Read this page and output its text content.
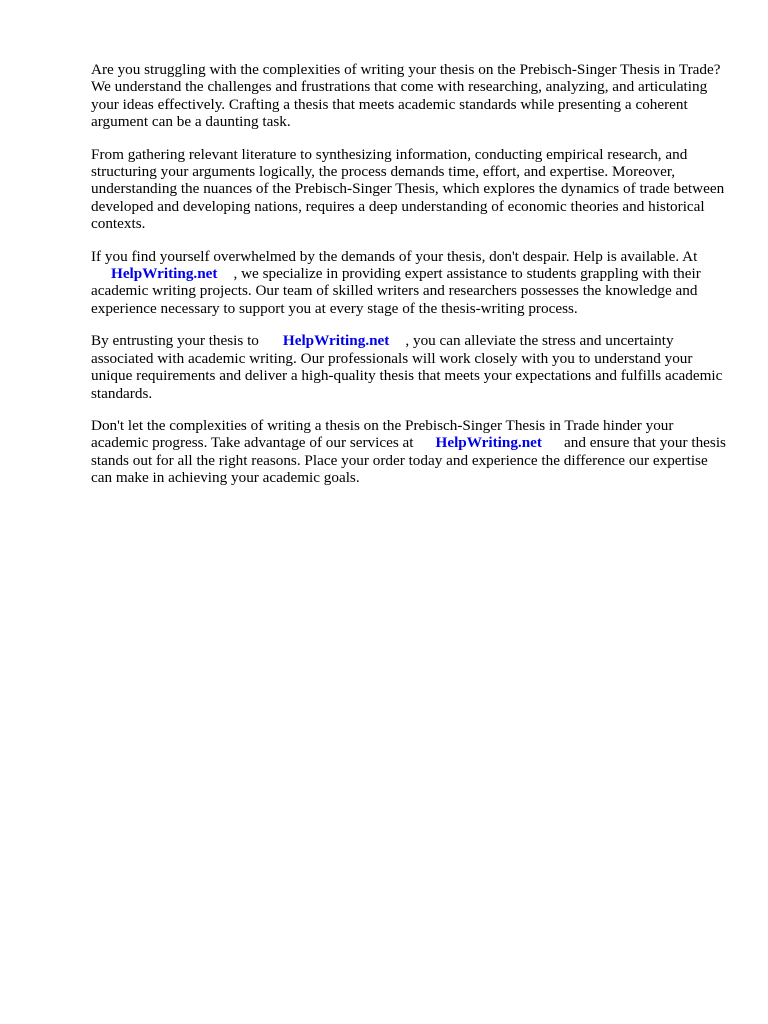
Are you struggling with the complexities of writing your thesis on the Prebisch-Singer Thesis in Trade? We understand the challenges and frustrations that come with researching, analyzing, and articulating your ideas effectively. Crafting a thesis that meets academic standards while presenting a coherent argument can be a daunting task.

From gathering relevant literature to synthesizing information, conducting empirical research, and structuring your arguments logically, the process demands time, effort, and expertise. Moreover, understanding the nuances of the Prebisch-Singer Thesis, which explores the dynamics of trade between developed and developing nations, requires a deep understanding of economic theories and historical contexts.

If you find yourself overwhelmed by the demands of your thesis, don't despair. Help is available. At
HelpWriting.net , we specialize in providing expert assistance to students grappling with their academic writing projects. Our team of skilled writers and researchers possesses the knowledge and experience necessary to support you at every stage of the thesis-writing process.

By entrusting your thesis to HelpWriting.net , you can alleviate the stress and uncertainty associated with academic writing. Our professionals will work closely with you to understand your unique requirements and deliver a high-quality thesis that meets your expectations and fulfills academic standards.

Don't let the complexities of writing a thesis on the Prebisch-Singer Thesis in Trade hinder your academic progress. Take advantage of our services at HelpWriting.net and ensure that your thesis stands out for all the right reasons. Place your order today and experience the difference our expertise can make in achieving your academic goals.
